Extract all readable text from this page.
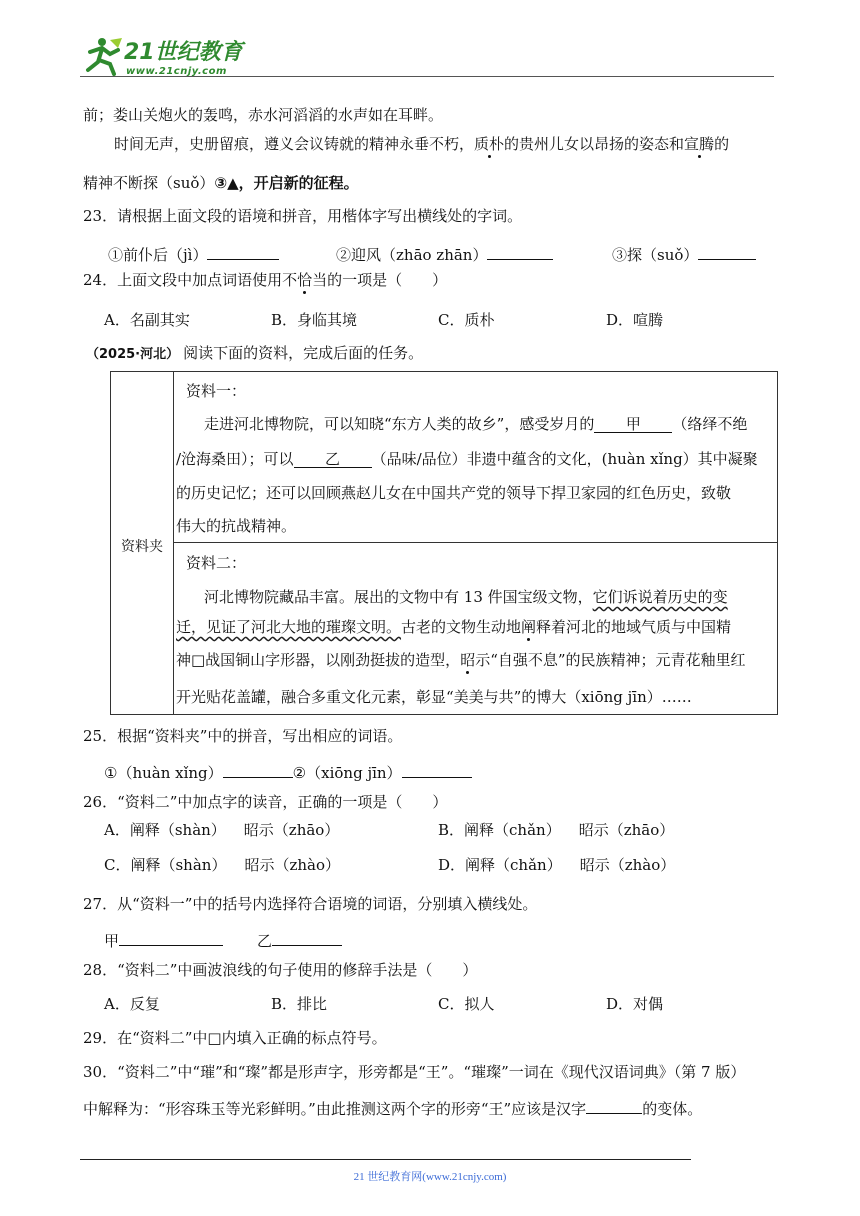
21世纪教育
www.21cnjy.com
前；娄山关炮火的轰鸣，赤水河滔滔的水声如在耳畔。
时间无声，史册留痕，遵义会议铸就的精神永垂不朽，质朴的贵州儿女以昂扬的姿态和宣腾的
精神不断探（suǒ）③▲，开启新的征程。
23．请根据上面文段的语境和拼音，用楷体字写出横线处的字词。
①前仆后（jì）	②迎风（zhāo zhān）	③探（suǒ）
24．上面文段中加点词语使用不恰当的一项是（　　）
A．名副其实	B．身临其境	C．质朴	D．喧腾
（2025·河北） 阅读下面的资料，完成后面的任务。
资料夹
资料一：
走进河北博物院，可以知晓“东方人类的故乡”，感受岁月的 甲 （络绎不绝
/沧海桑田）；可以 乙 （品味/品位）非遗中蕴含的文化，(huàn xǐng）其中凝聚
的历史记忆；还可以回顾燕赵儿女在中国共产党的领导下捍卫家园的红色历史，致敬
伟大的抗战精神。
资料二：
河北博物院藏品丰富。展出的文物中有 13 件国宝级文物，它们诉说着历史的变
迁，见证了河北大地的璀璨文明。古老的文物生动地阐释着河北的地域气质与中国精
神□战国铜山字形器，以刚劲挺拔的造型，昭示“自强不息”的民族精神；元青花釉里红
开光贴花盖罐，融合多重文化元素，彰显“美美与共”的博大（xiōng jīn）……
25．根据“资料夹”中的拼音，写出相应的词语。
①（huàn xǐng）	②（xiōng jīn）
26．“资料二”中加点字的读音，正确的一项是（　　）
A．阐释（shàn） 昭示（zhāo）	B．阐释（chǎn） 昭示（zhāo）
C．阐释（shàn） 昭示（zhào）	D．阐释（chǎn） 昭示（zhào）
27．从“资料一”中的括号内选择符合语境的词语，分别填入横线处。
甲	乙
28．“资料二”中画波浪线的句子使用的修辞手法是（　　）
A．反复	B．排比	C．拟人	D．对偶
29．在“资料二”中□内填入正确的标点符号。
30．“资料二”中“璀”和“璨”都是形声字，形旁都是“王”。“璀璨”一词在《现代汉语词典》（第 7 版）
中解释为：“形容珠玉等光彩鲜明。”由此推测这两个字的形旁“王”应该是汉字	的变体。
21 世纪教育网(www.21cnjy.com)
